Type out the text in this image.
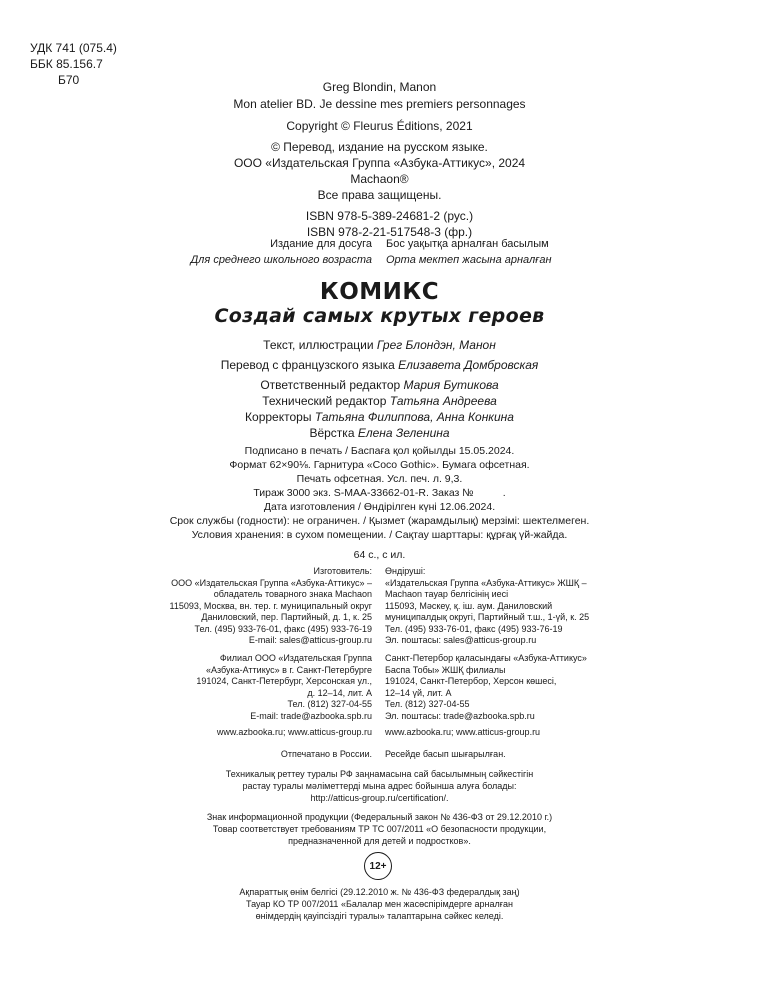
УДК 741 (075.4)
ББК 85.156.7
Б70	Greg Blondin, Manon
Mon atelier BD. Je dessine mes premiers personnages
Copyright © Fleurus Éditions, 2021
© Перевод, издание на русском языке.
ООО «Издательская Группа «Азбука-Аттикус», 2024
Machaon®
Все права защищены.
ISBN 978-5-389-24681-2 (рус.)
ISBN 978-2-21-517548-3 (фр.)
Издание для досуга Бос уақытқа арналған басылым
Для среднего школьного возраста Орта мектеп жасына арналған
КОМИКС
Создай самых крутых героев
Текст, иллюстрации Грег Блондэн, Манон
Перевод с французского языка Елизавета Домбровская
Ответственный редактор Мария Бутикова
Технический редактор Татьяна Андреева
Корректоры Татьяна Филиппова, Анна Конкина
Вёрстка Елена Зеленина
Подписано в печать / Баспаға қол қойылды 15.05.2024.
Формат 62×90⅛. Гарнитура «Coco Gothic». Бумага офсетная.
Печать офсетная. Усл. печ. л. 9,3.
Тираж 3000 экз. S-MAA-33662-01-R. Заказ №          .
Дата изготовления / Өндірілген күні 12.06.2024.
Срок службы (годности): не ограничен. / Қызмет (жарамдылық) мерзімі: шектелмеген.
Условия хранения: в сухом помещении. / Сақтау шарттары: құрғақ үй-жайда.
64 с., с ил.
Изготовитель:
ООО «Издательская Группа «Азбука-Аттикус» –
обладатель товарного знака Machaon
115093, Москва, вн. тер. г. муниципальный округ
Даниловский, пер. Партийный, д. 1, к. 25
Тел. (495) 933-76-01, факс (495) 933-76-19
E-mail: sales@atticus-group.ru
Өндіруші:
«Издательская Группа «Азбука-Аттикус» ЖШҚ –
Machaon тауар белгісінің иесі
115093, Мәскеу, қ. іш. аум. Даниловский
муниципалдық округі, Партийный т.ш., 1-үй, к. 25
Тел. (495) 933-76-01, факс (495) 933-76-19
Эл. поштасы: sales@atticus-group.ru
Филиал ООО «Издательская Группа
«Азбука-Аттикус» в г. Санкт-Петербурге
191024, Санкт-Петербург, Херсонская ул.,
д. 12–14, лит. А
Тел. (812) 327-04-55
E-mail: trade@azbooka.spb.ru
Санкт-Петербор қаласындағы «Азбука-Аттикус»
Баспа Тобы» ЖШҚ филиалы
191024, Санкт-Петербор, Херсон көшесі,
12–14 үй, лит. А
Тел. (812) 327-04-55
Эл. поштасы: trade@azbooka.spb.ru
www.azbooka.ru; www.atticus-group.ru www.azbooka.ru; www.atticus-group.ru
Отпечатано в России. Ресейде басып шығарылған.
Техникалық реттеу туралы РФ заңнамасына сай басылымның сәйкестігін
растау туралы мәліметтерді мына адрес бойынша алуға болады:
http://atticus-group.ru/certification/.
Знак информационной продукции (Федеральный закон № 436-ФЗ от 29.12.2010 г.)
Товар соответствует требованиям ТР ТС 007/2011 «О безопасности продукции,
предназначенной для детей и подростков».
12+
Ақпараттық өнім белгісі (29.12.2010 ж. № 436-ФЗ федералдық заң)
Тауар КО ТР 007/2011 «Балалар мен жасөспірімдерге арналған
өнімдердің қауіпсіздігі туралы» талаптарына сәйкес келеді.
